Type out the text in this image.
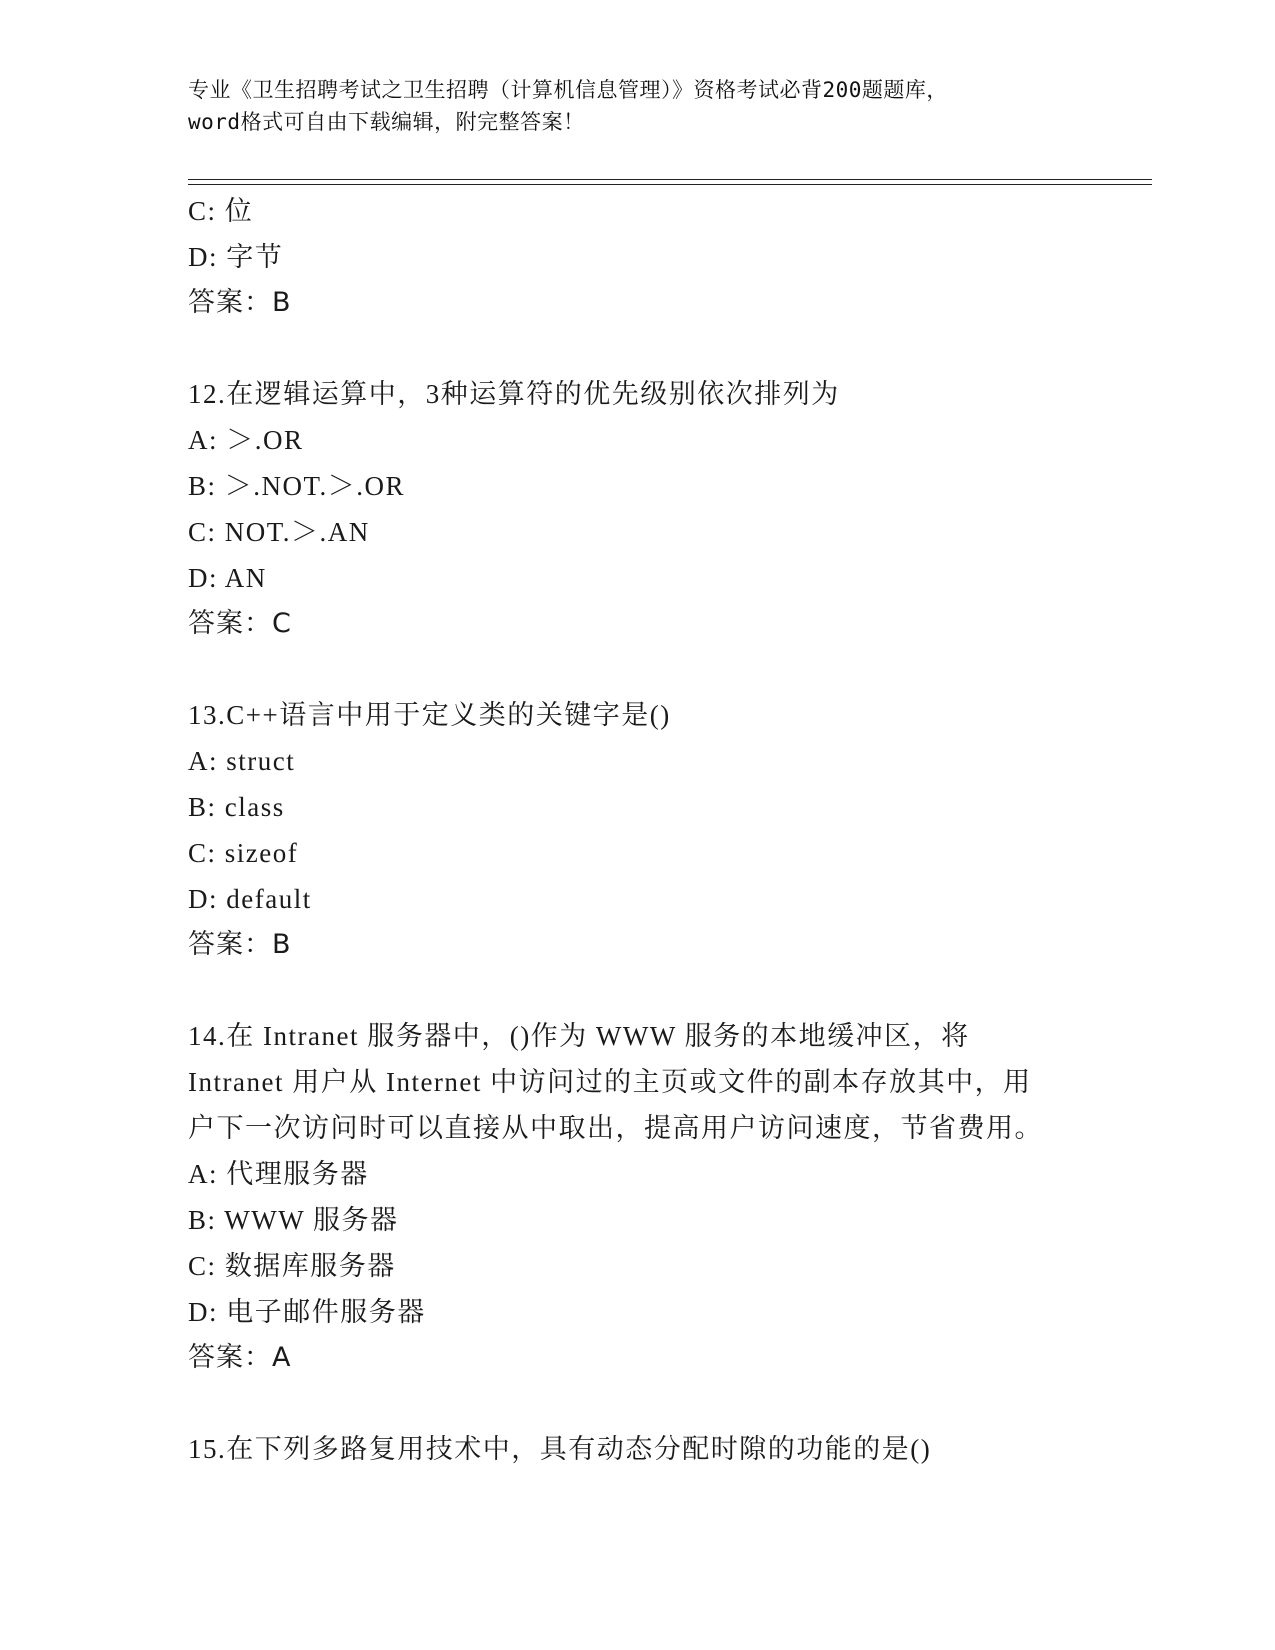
专业《卫生招聘考试之卫生招聘（计算机信息管理）》资格考试必背200题题库，
word格式可自由下载编辑，附完整答案！
C: 位
D: 字节
答案：B
12.在逻辑运算中，3种运算符的优先级别依次排列为
A: ＞.OR
B: ＞.NOT.＞.OR
C: NOT.＞.AN
D: AN
答案：C
13.C++语言中用于定义类的关键字是()
A: struct
B: class
C: sizeof
D: default
答案：B
14.在 Intranet 服务器中，()作为 WWW 服务的本地缓冲区，将
Intranet 用户从 Internet 中访问过的主页或文件的副本存放其中，用
户下一次访问时可以直接从中取出，提高用户访问速度，节省费用。
A: 代理服务器
B: WWW 服务器
C: 数据库服务器
D: 电子邮件服务器
答案：A
15.在下列多路复用技术中，具有动态分配时隙的功能的是()
